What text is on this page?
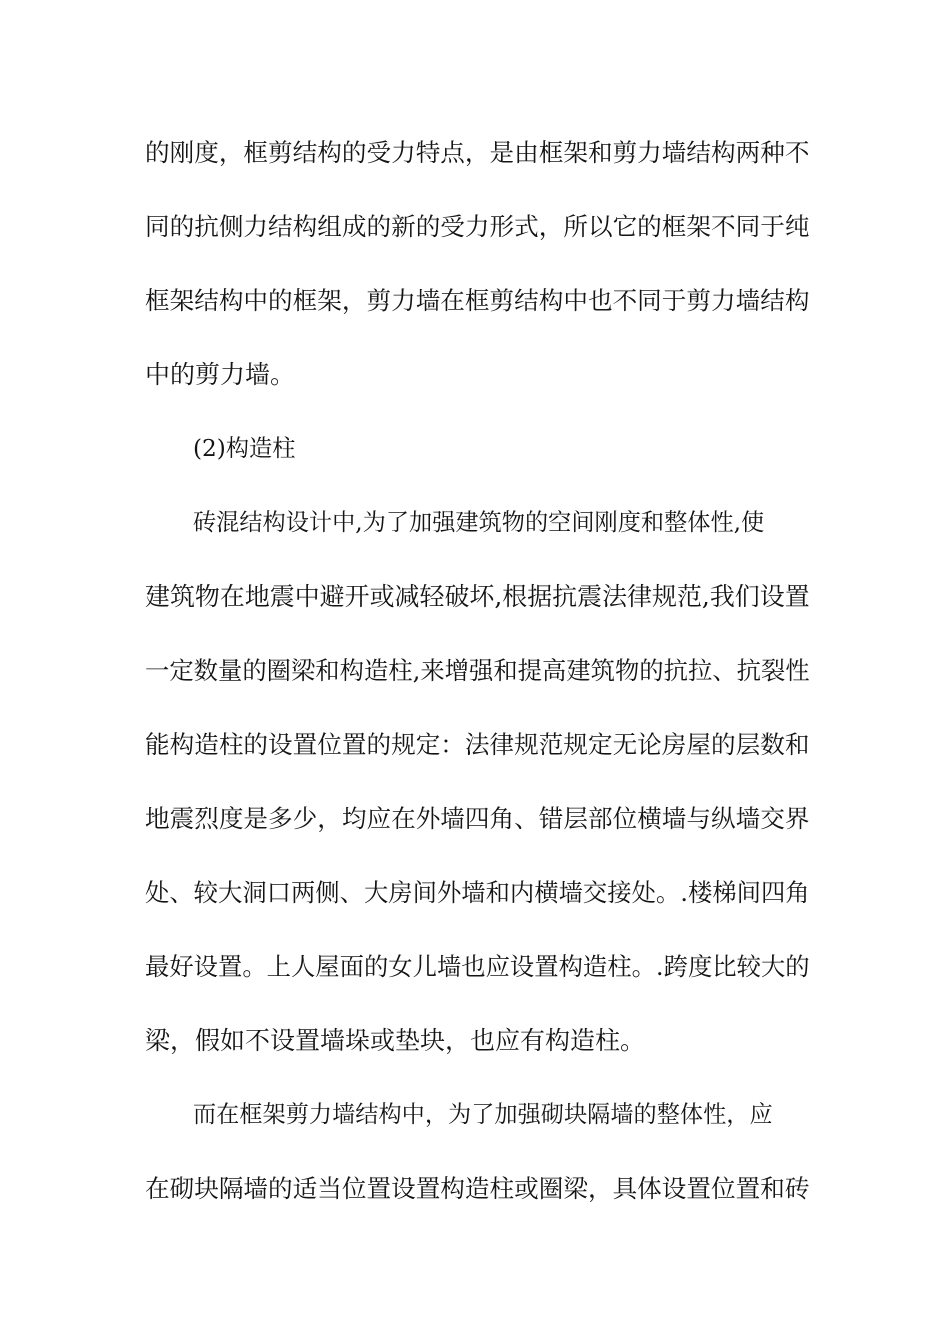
的刚度，框剪结构的受力特点，是由框架和剪力墙结构两种不
同的抗侧力结构组成的新的受力形式，所以它的框架不同于纯
框架结构中的框架，剪力墙在框剪结构中也不同于剪力墙结构
中的剪力墙。
(2)构造柱
砖混结构设计中,为了加强建筑物的空间刚度和整体性,使
建筑物在地震中避开或减轻破坏,根据抗震法律规范,我们设置
一定数量的圈梁和构造柱,来增强和提高建筑物的抗拉、抗裂性
能构造柱的设置位置的规定：法律规范规定无论房屋的层数和
地震烈度是多少，均应在外墙四角、错层部位横墙与纵墙交界
处、较大洞口两侧、大房间外墙和内横墙交接处。.楼梯间四角
最好设置。上人屋面的女儿墙也应设置构造柱。.跨度比较大的
梁，假如不设置墙垛或垫块，也应有构造柱。
而在框架剪力墙结构中，为了加强砌块隔墙的整体性，应
在砌块隔墙的适当位置设置构造柱或圈梁，具体设置位置和砖
